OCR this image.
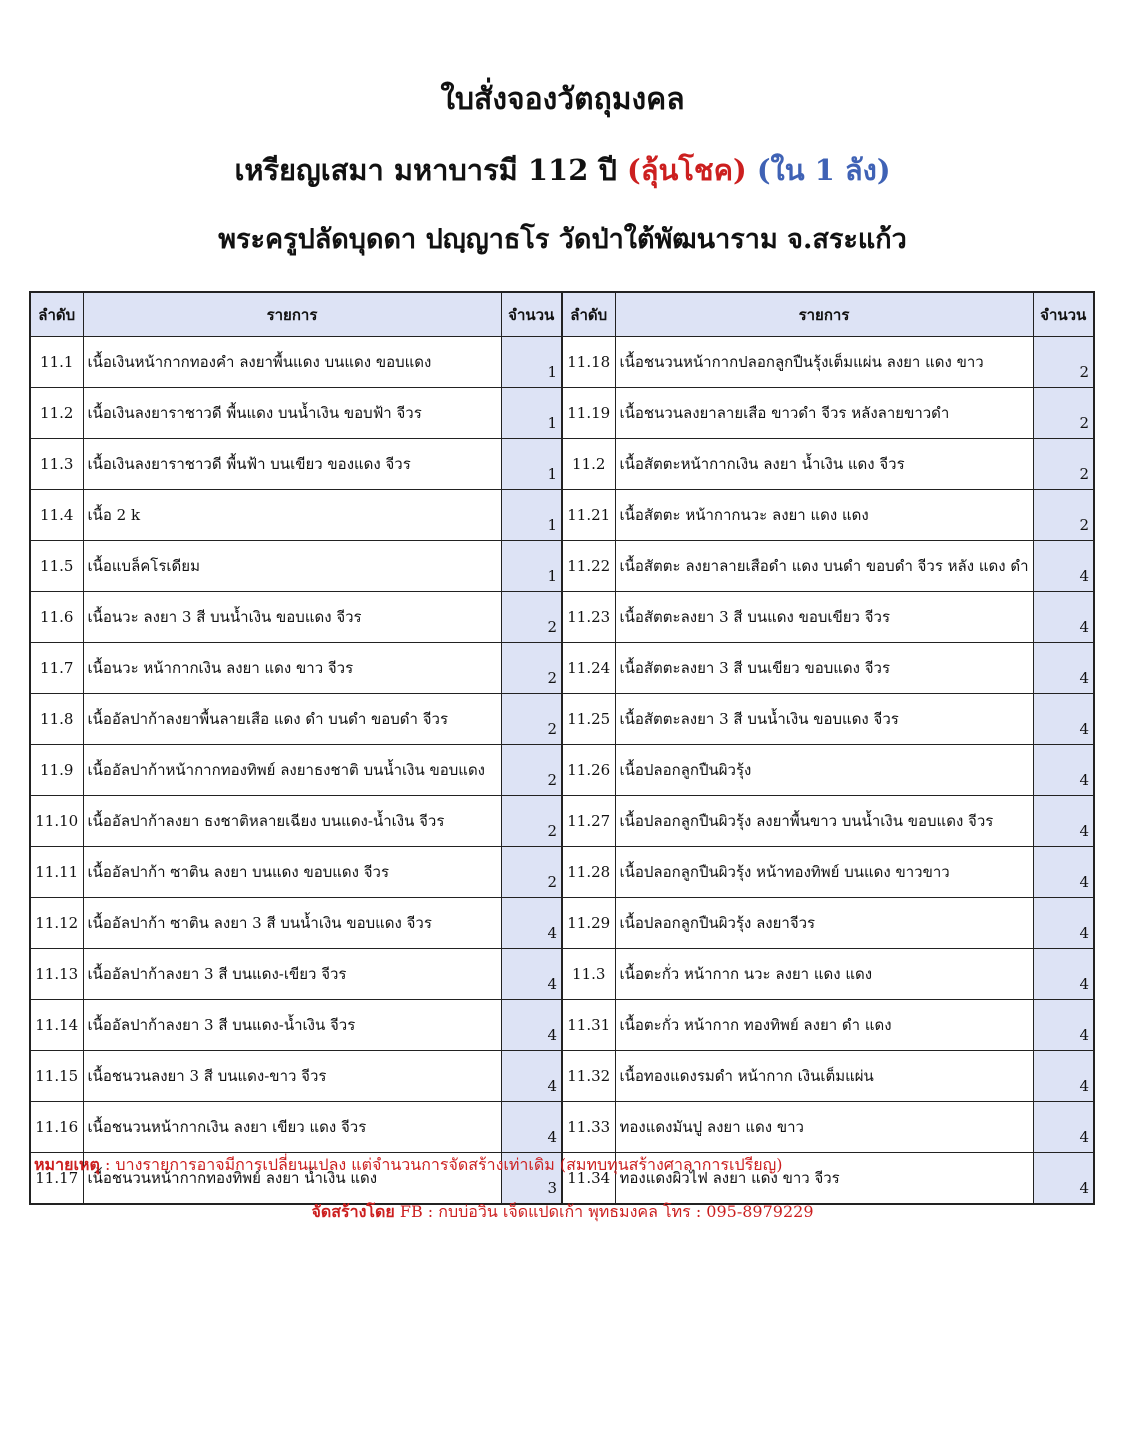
ใบสั่งจองวัตถุมงคล
เหรียญเสมา มหาบารมี 112 ปี (ลุ้นโชค) (ใน 1 ลัง)
พระครูปลัดบุดดา ปญฺญาธโร วัดป่าใต้พัฒนาราม จ.สระแก้ว
ลำดับ	รายการ	จำนวน	ลำดับ	รายการ	จำนวน
11.1	เนื้อเงินหน้ากากทองคำ ลงยาพื้นแดง บนแดง ขอบแดง	1	11.18	เนื้อชนวนหน้ากากปลอกลูกปืนรุ้งเต็มแผ่น ลงยา แดง ขาว	2
11.2	เนื้อเงินลงยาราชาวดี พื้นแดง บนน้ำเงิน ขอบฟ้า จีวร	1	11.19	เนื้อชนวนลงยาลายเสือ ขาวดำ จีวร หลังลายขาวดำ	2
11.3	เนื้อเงินลงยาราชาวดี พื้นฟ้า บนเขียว ของแดง จีวร	1	11.2	เนื้อสัตตะหน้ากากเงิน ลงยา น้ำเงิน แดง จีวร	2
11.4	เนื้อ 2 k	1	11.21	เนื้อสัตตะ หน้ากากนวะ ลงยา แดง แดง	2
11.5	เนื้อแบล็คโรเดียม	1	11.22	เนื้อสัตตะ ลงยาลายเสือดำ แดง บนดำ ขอบดำ จีวร หลัง แดง ดำ	4
11.6	เนื้อนวะ ลงยา 3 สี บนน้ำเงิน ขอบแดง จีวร	2	11.23	เนื้อสัตตะลงยา 3 สี บนแดง ขอบเขียว จีวร	4
11.7	เนื้อนวะ หน้ากากเงิน ลงยา แดง ขาว จีวร	2	11.24	เนื้อสัตตะลงยา 3 สี บนเขียว ขอบแดง จีวร	4
11.8	เนื้ออัลปาก้าลงยาพื้นลายเสือ แดง ดำ บนดำ ขอบดำ จีวร	2	11.25	เนื้อสัตตะลงยา 3 สี บนน้ำเงิน ขอบแดง จีวร	4
11.9	เนื้ออัลปาก้าหน้ากากทองทิพย์ ลงยาธงชาติ บนน้ำเงิน ขอบแดง	2	11.26	เนื้อปลอกลูกปืนผิวรุ้ง	4
11.10	เนื้ออัลปาก้าลงยา ธงชาติหลายเฉียง บนแดง-น้ำเงิน จีวร	2	11.27	เนื้อปลอกลูกปืนผิวรุ้ง ลงยาพื้นขาว บนน้ำเงิน ขอบแดง จีวร	4
11.11	เนื้ออัลปาก้า ซาติน ลงยา บนแดง ขอบแดง จีวร	2	11.28	เนื้อปลอกลูกปืนผิวรุ้ง หน้าทองทิพย์ บนแดง ขาวขาว	4
11.12	เนื้ออัลปาก้า ซาติน ลงยา 3 สี บนน้ำเงิน ขอบแดง จีวร	4	11.29	เนื้อปลอกลูกปืนผิวรุ้ง ลงยาจีวร	4
11.13	เนื้ออัลปาก้าลงยา 3 สี บนแดง-เขียว จีวร	4	11.3	เนื้อตะกั่ว หน้ากาก นวะ ลงยา แดง แดง	4
11.14	เนื้ออัลปาก้าลงยา 3 สี บนแดง-น้ำเงิน จีวร	4	11.31	เนื้อตะกั่ว หน้ากาก ทองทิพย์ ลงยา ดำ แดง	4
11.15	เนื้อชนวนลงยา 3 สี บนแดง-ขาว จีวร	4	11.32	เนื้อทองแดงรมดำ หน้ากาก เงินเต็มแผ่น	4
11.16	เนื้อชนวนหน้ากากเงิน ลงยา เขียว แดง จีวร	4	11.33	ทองแดงมันปู ลงยา แดง ขาว	4
11.17	เนื้อชนวนหน้ากากทองทิพย์ ลงยา น้ำเงิน แดง	3	11.34	ทองแดงผิวไฟ ลงยา แดง ขาว จีวร	4
หมายเหตุ : บางรายการอาจมีการเปลี่ยนแปลง แต่จำนวนการจัดสร้างเท่าเดิม (สมทบทุนสร้างศาลาการเปรียญ)
จัดสร้างโดย FB : กบบ่อวิน เจ็ดแปดเก้า พุทธมงคล โทร : 095-8979229
